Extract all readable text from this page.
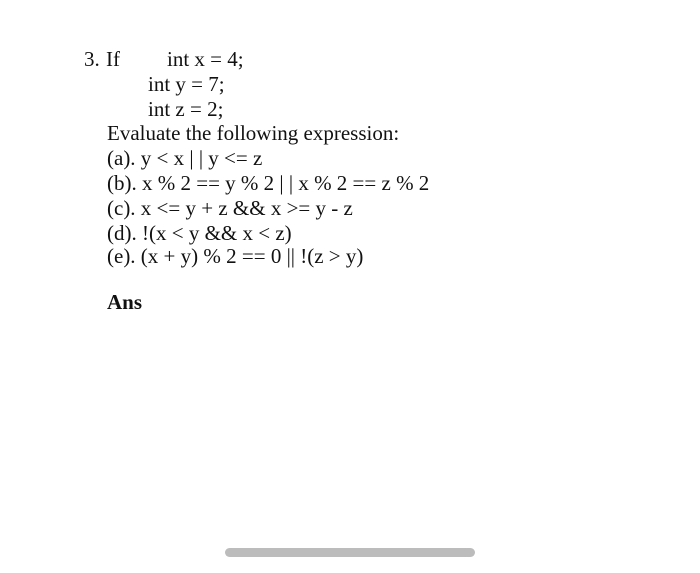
3. If int x = 4;
int y = 7;
int z = 2;
Evaluate the following expression:
(a). y < x | | y <= z
(b). x % 2 == y % 2 | | x % 2 == z % 2
(c). x <= y + z && x >= y - z
(d). !(x < y && x < z)
(e). (x + y) % 2 == 0 || !(z > y)
Ans
